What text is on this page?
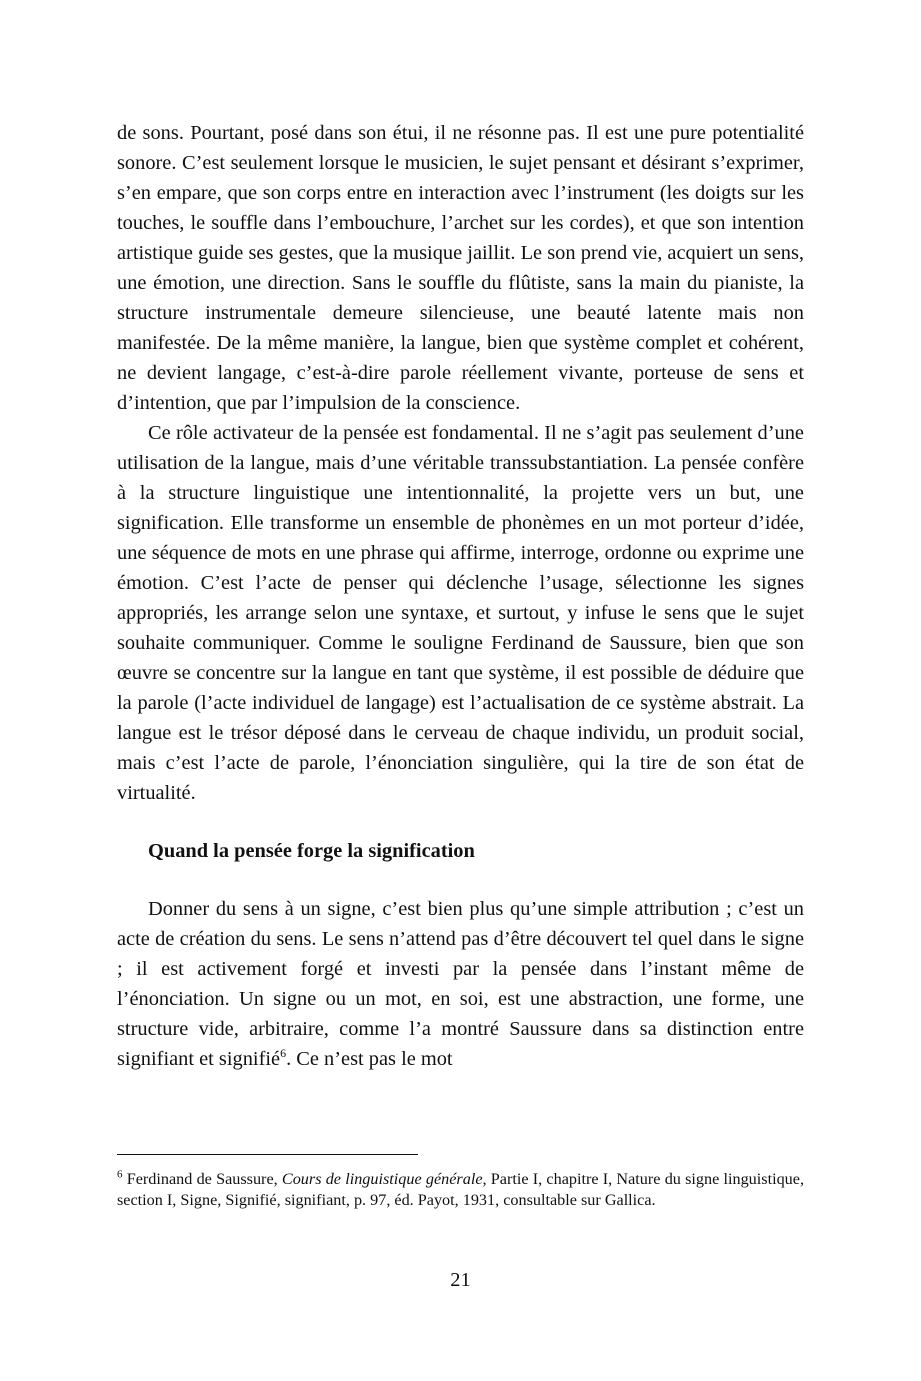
de sons. Pourtant, posé dans son étui, il ne résonne pas. Il est une pure potentialité sonore. C’est seulement lorsque le musicien, le sujet pensant et désirant s’exprimer, s’en empare, que son corps entre en interaction avec l’instrument (les doigts sur les touches, le souffle dans l’embouchure, l’archet sur les cordes), et que son intention artistique guide ses gestes, que la musique jaillit. Le son prend vie, acquiert un sens, une émotion, une direction. Sans le souffle du flûtiste, sans la main du pianiste, la structure instrumentale demeure silencieuse, une beauté latente mais non manifestée. De la même manière, la langue, bien que système complet et cohérent, ne devient langage, c’est-à-dire parole réellement vivante, porteuse de sens et d’intention, que par l’impulsion de la conscience.

Ce rôle activateur de la pensée est fondamental. Il ne s’agit pas seulement d’une utilisation de la langue, mais d’une véritable transsubstantiation. La pensée confère à la structure linguistique une intentionnalité, la projette vers un but, une signification. Elle transforme un ensemble de phonèmes en un mot porteur d’idée, une séquence de mots en une phrase qui affirme, interroge, ordonne ou exprime une émotion. C’est l’acte de penser qui déclenche l’usage, sélectionne les signes appropriés, les arrange selon une syntaxe, et surtout, y infuse le sens que le sujet souhaite communiquer. Comme le souligne Ferdinand de Saussure, bien que son œuvre se concentre sur la langue en tant que système, il est possible de déduire que la parole (l’acte individuel de langage) est l’actualisation de ce système abstrait. La langue est le trésor déposé dans le cerveau de chaque individu, un produit social, mais c’est l’acte de parole, l’énonciation singulière, qui la tire de son état de virtualité.

Quand la pensée forge la signification

Donner du sens à un signe, c’est bien plus qu’une simple attribution ; c’est un acte de création du sens. Le sens n’attend pas d’être découvert tel quel dans le signe ; il est activement forgé et investi par la pensée dans l’instant même de l’énonciation. Un signe ou un mot, en soi, est une abstraction, une forme, une structure vide, arbitraire, comme l’a montré Saussure dans sa distinction entre signifiant et signifié$^6$. Ce n’est pas le mot

$^6$ Ferdinand de Saussure, Cours de linguistique générale, Partie I, chapitre I, Nature du signe linguistique, section I, Signe, Signifié, signifiant, p. 97, éd. Payot, 1931, consultable sur Gallica.

21
